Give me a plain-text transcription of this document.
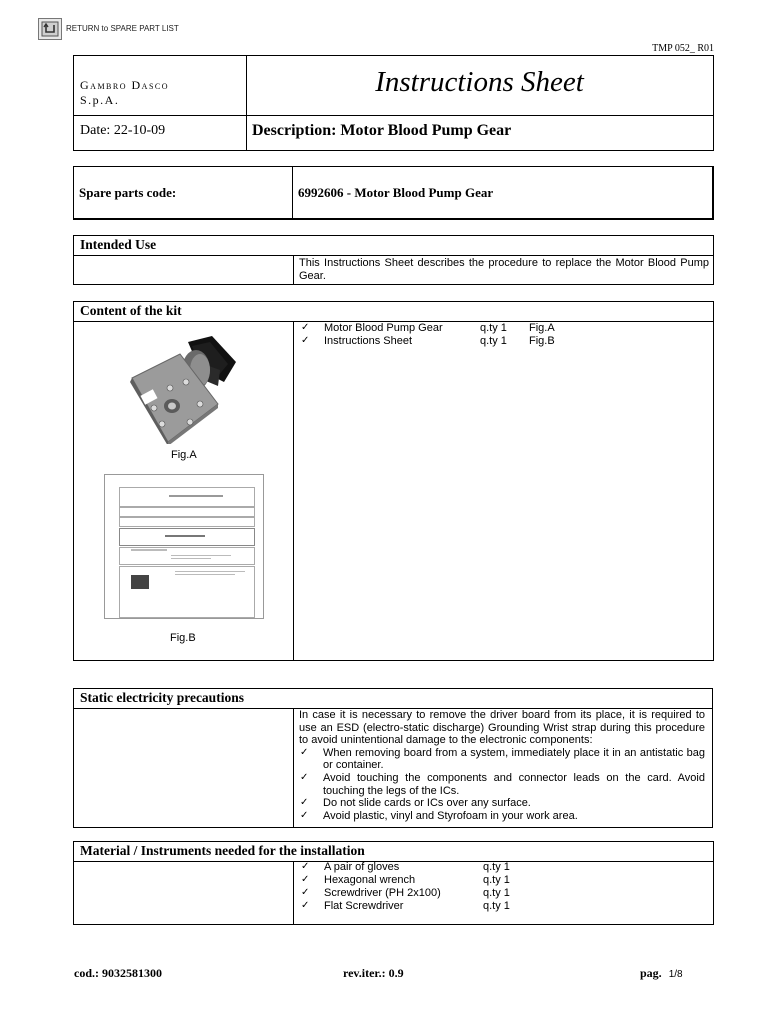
RETURN to SPARE PART LIST
TMP 052_ R01
Gambro Dasco
S.p.A.
Instructions Sheet
Date: 22-10-09	Description: Motor Blood Pump Gear
Spare parts code:	6992606 - Motor Blood Pump Gear
Intended Use
This Instructions Sheet describes the procedure to replace the Motor Blood Pump Gear.
Content of the kit
✓ Motor Blood Pump Gear	q.ty 1 Fig.A
✓ Instructions Sheet	q.ty 1 Fig.B
Fig.A
Fig.B
Static electricity precautions
In case it is necessary to remove the driver board from its place, it is required to use an ESD (electro-static discharge) Grounding Wrist strap during this procedure to avoid unintentional damage to the electronic components:
✓ When removing board from a system, immediately place it in an antistatic bag or container.
✓ Avoid touching the components and connector leads on the card. Avoid touching the legs of the ICs.
✓ Do not slide cards or ICs over any surface.
✓ Avoid plastic, vinyl and Styrofoam in your work area.
Material / Instruments needed for the installation
✓ A pair of gloves	q.ty 1
✓ Hexagonal wrench	q.ty 1
✓ Screwdriver (PH 2x100)	q.ty 1
✓ Flat Screwdriver	q.ty 1
cod.: 9032581300	rev.iter.: 0.9	pag. 1/8
